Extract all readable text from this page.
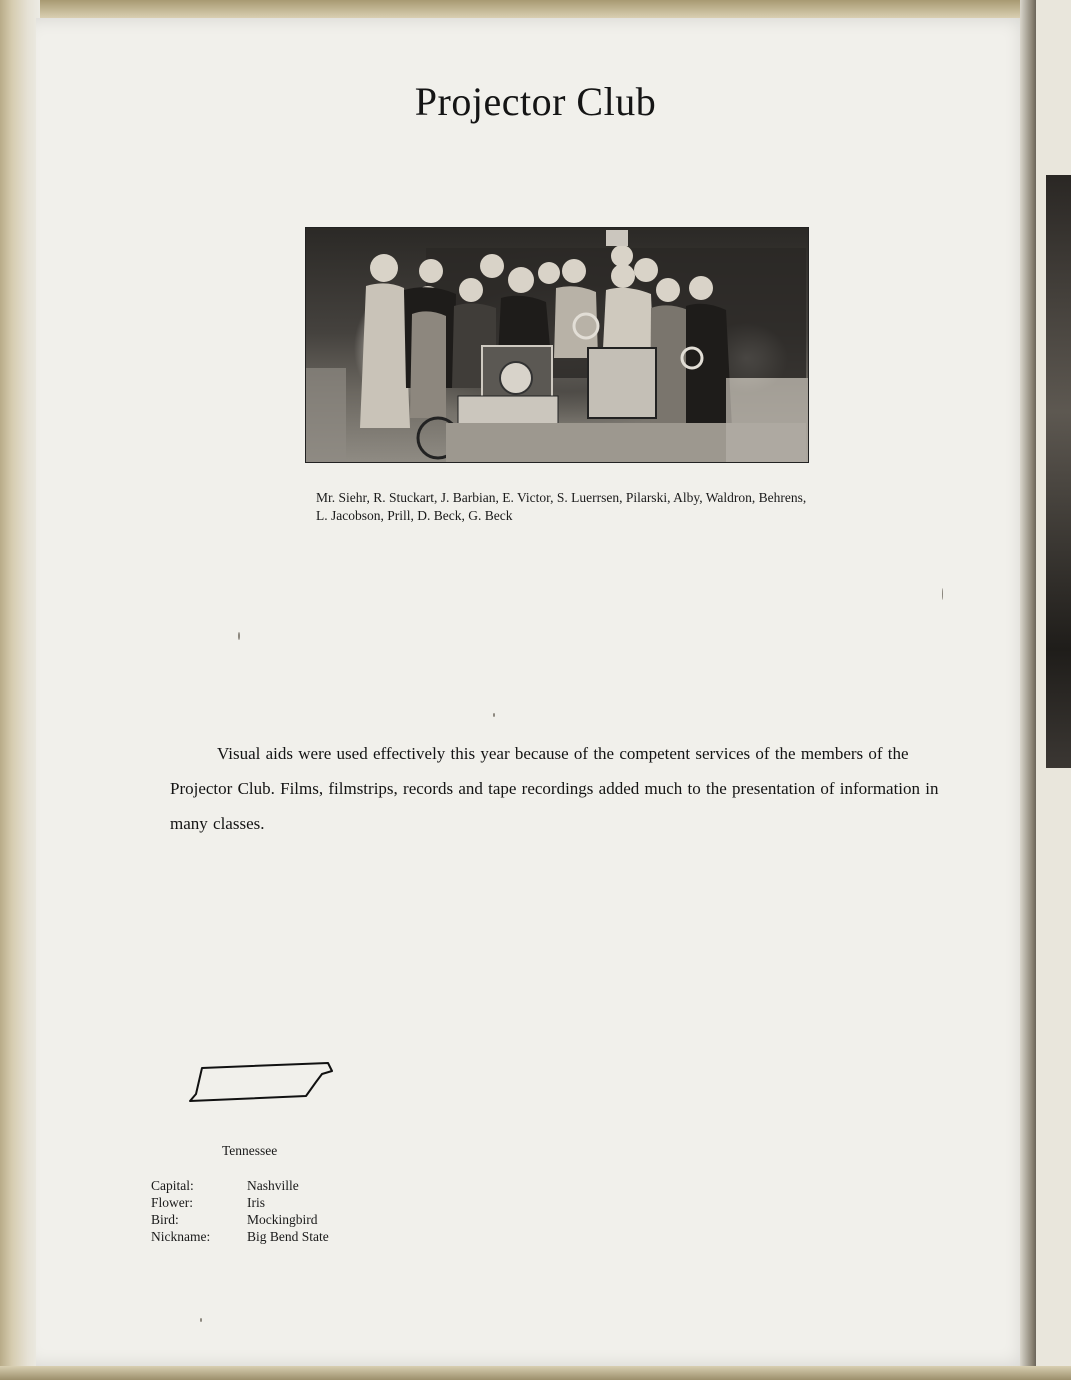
Projector Club
Mr. Siehr, R. Stuckart, J. Barbian, E. Victor, S. Luerrsen, Pilarski, Alby, Waldron, Behrens, L. Jacobson, Prill, D. Beck, G. Beck
Visual aids were used effectively this year because of the competent services of the members of the Projector Club. Films, filmstrips, records and tape recordings added much to the presentation of information in many classes.
Tennessee
Capital:	Nashville
Flower:	Iris
Bird:	Mockingbird
Nickname:	Big Bend State
